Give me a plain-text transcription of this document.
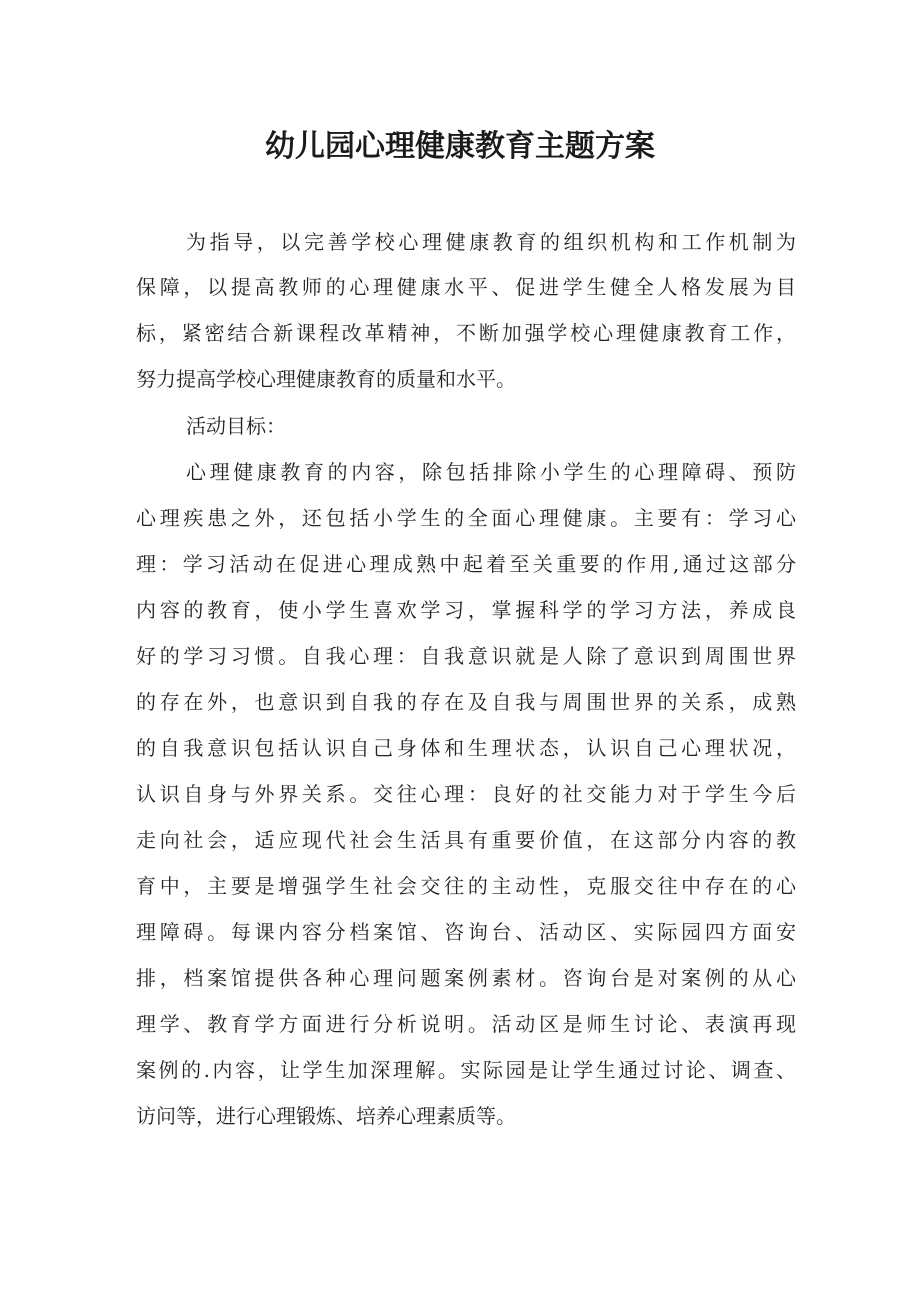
幼儿园心理健康教育主题方案

为指导，以完善学校心理健康教育的组织机构和工作机制为

保障，以提高教师的心理健康水平、促进学生健全人格发展为目

标，紧密结合新课程改革精神，不断加强学校心理健康教育工作，

努力提高学校心理健康教育的质量和水平。

活动目标：

心理健康教育的内容，除包括排除小学生的心理障碍、预防

心理疾患之外，还包括小学生的全面心理健康。主要有：学习心

理：学习活动在促进心理成熟中起着至关重要的作用,通过这部分

内容的教育，使小学生喜欢学习，掌握科学的学习方法，养成良

好的学习习惯。自我心理：自我意识就是人除了意识到周围世界

的存在外，也意识到自我的存在及自我与周围世界的关系，成熟

的自我意识包括认识自己身体和生理状态，认识自己心理状况，

认识自身与外界关系。交往心理：良好的社交能力对于学生今后

走向社会，适应现代社会生活具有重要价值，在这部分内容的教

育中，主要是增强学生社会交往的主动性，克服交往中存在的心

理障碍。每课内容分档案馆、咨询台、活动区、实际园四方面安

排，档案馆提供各种心理问题案例素材。咨询台是对案例的从心

理学、教育学方面进行分析说明。活动区是师生讨论、表演再现

案例的.内容，让学生加深理解。实际园是让学生通过讨论、调查、

访问等，进行心理锻炼、培养心理素质等。
